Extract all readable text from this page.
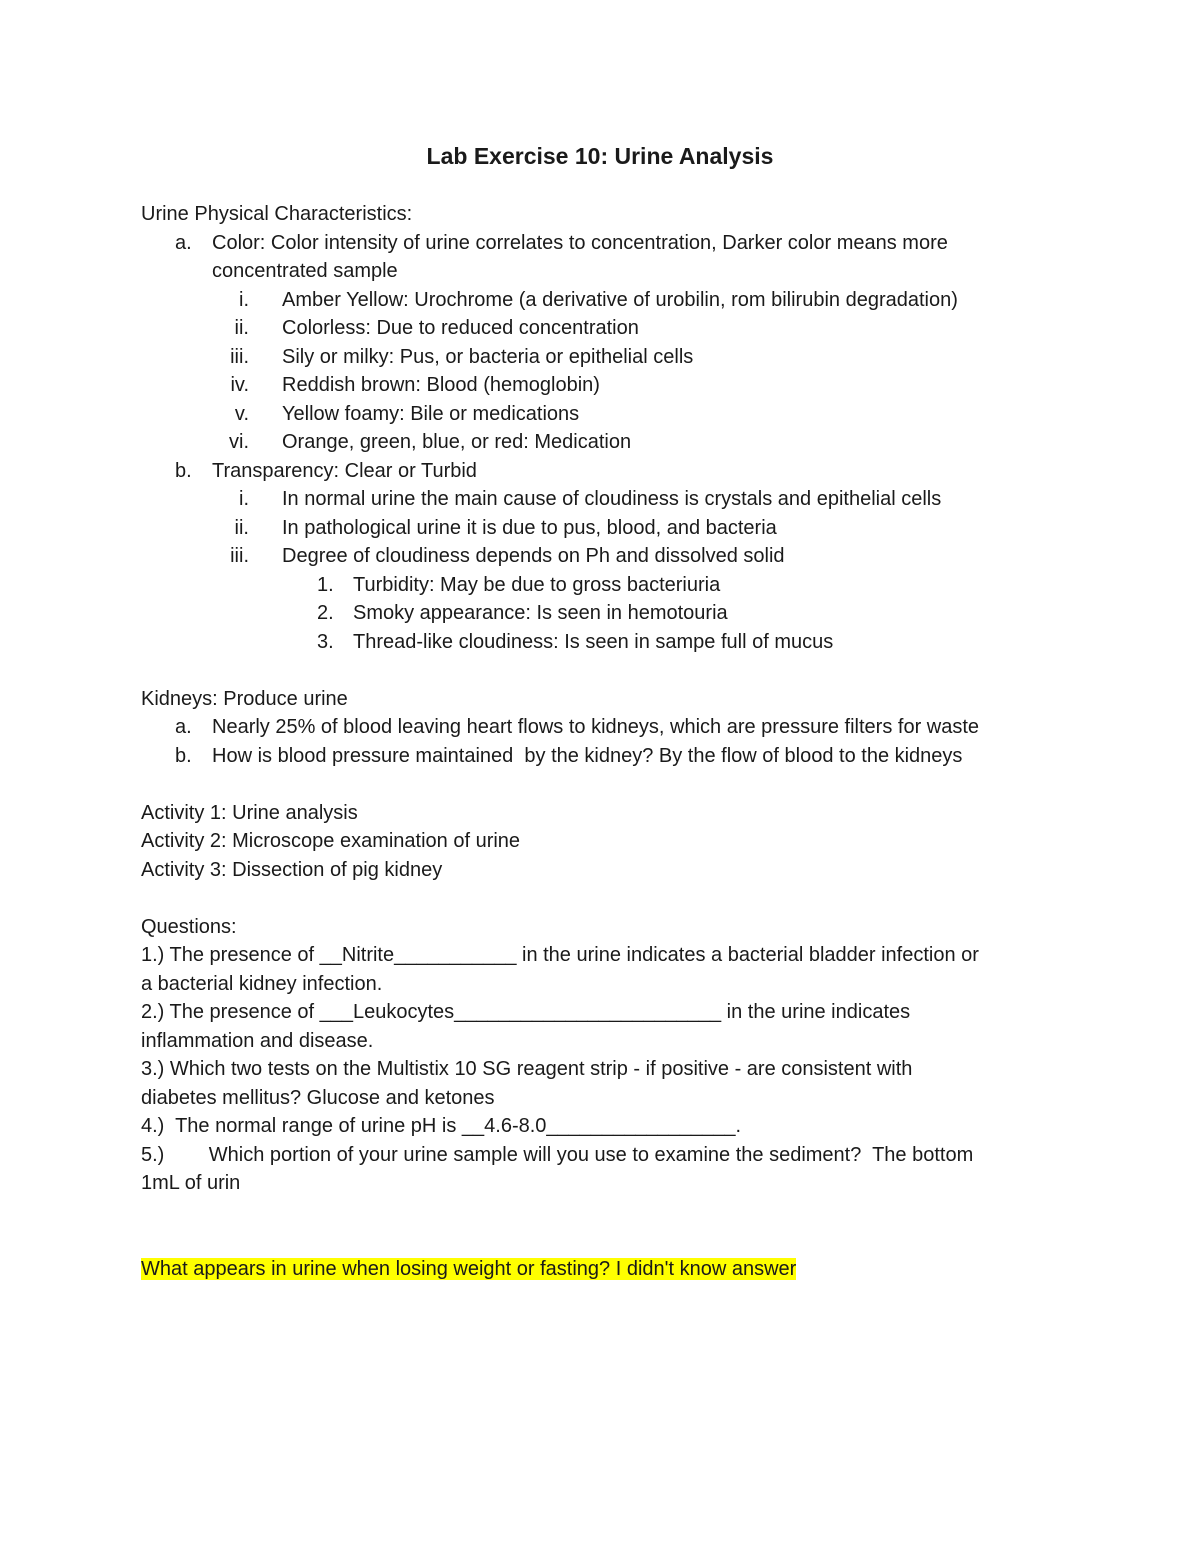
Lab Exercise 10: Urine Analysis
Urine Physical Characteristics:

a.

	Color: Color intensity of urine correlates to concentration, Darker color means more

concentrated sample

i. Amber Yellow: Urochrome (a derivative of urobilin, rom bilirubin degradation)
ii. Colorless: Due to reduced concentration
iii. Sily or milky: Pus, or bacteria or epithelial cells
iv. Reddish brown: Blood (hemoglobin)
v. Yellow foamy: Bile or medications
vi. Orange, green, blue, or red: Medication

b.

	Transparency: Clear or Turbid

i. In normal urine the main cause of cloudiness is crystals and epithelial cells
ii. In pathological urine it is due to pus, blood, and bacteria
iii. Degree of cloudiness depends on Ph and dissolved solid
1. Turbidity: May be due to gross bacteriuria
2. Smoky appearance: Is seen in hemotouria
3. Thread-like cloudiness: Is seen in sampe full of mucus
Kidneys: Produce urine
a.	Nearly 25% of blood leaving heart flows to kidneys, which are pressure filters for waste
b.	How is blood pressure maintained  by the kidney? By the flow of blood to the kidneys
Activity 1: Urine analysis
Activity 2: Microscope examination of urine
Activity 3: Dissection of pig kidney
Questions:
1.) The presence of __Nitrite___________ in the urine indicates a bacterial bladder infection or
a bacterial kidney infection.
2.) The presence of ___Leukocytes________________________ in the urine indicates
inflammation and disease.
3.) Which two tests on the Multistix 10 SG reagent strip - if positive - are consistent with
diabetes mellitus? Glucose and ketones
4.)  The normal range of urine pH is __4.6-8.0_________________.
5.)        Which portion of your urine sample will you use to examine the sediment?  The bottom
1mL of urin
What appears in urine when losing weight or fasting? I didn't know answer
